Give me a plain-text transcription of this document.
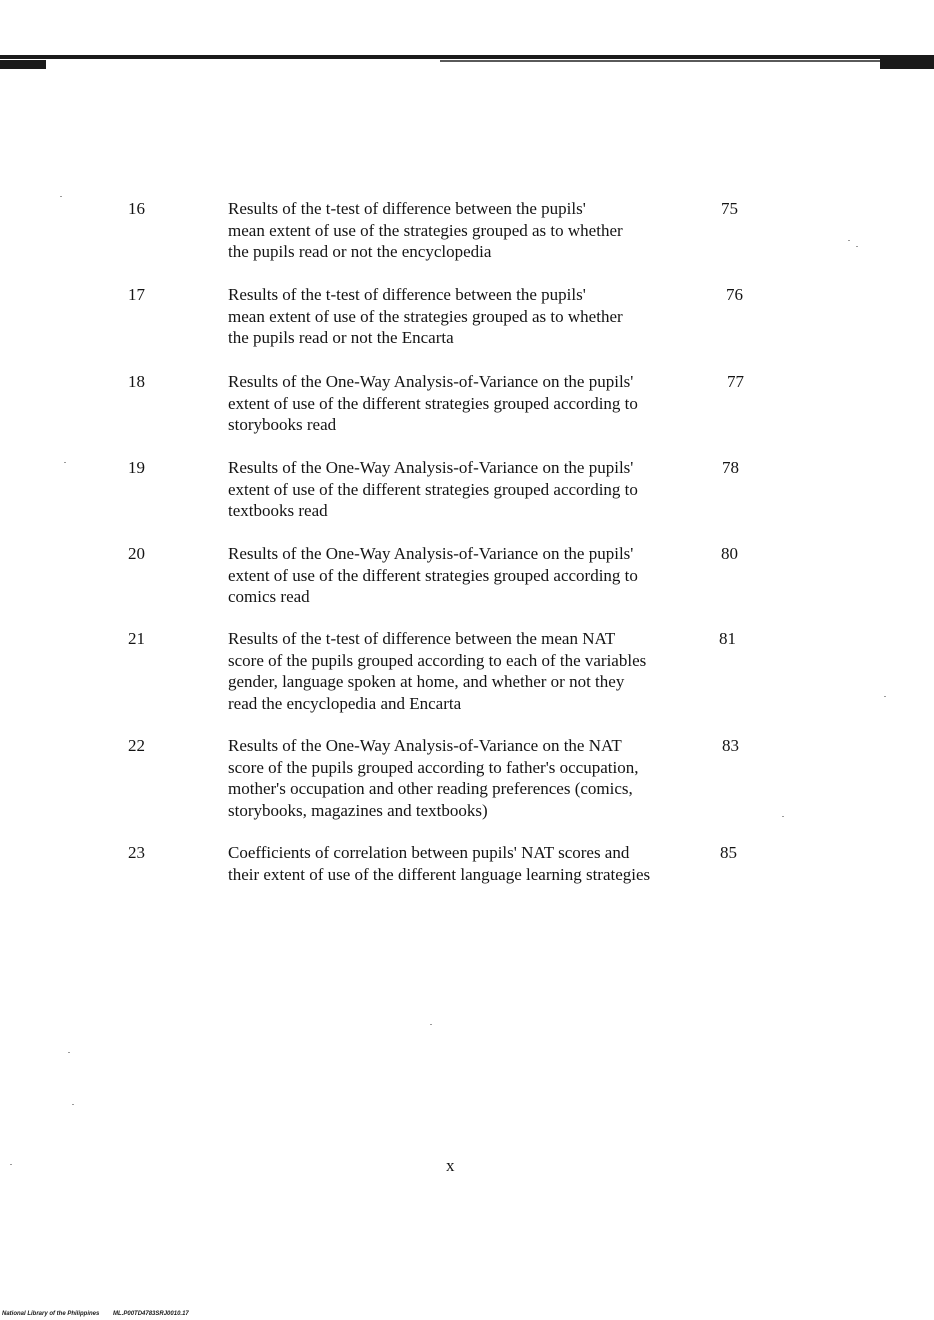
16	Results of the t-test of difference between the pupils'
mean extent of use of the strategies grouped as to whether
the pupils read or not the encyclopedia
75
17	Results of the t-test of difference between the pupils'
mean extent of use of the strategies grouped as to whether
the pupils read or not the Encarta
76
18	Results of the One-Way Analysis-of-Variance on the pupils'
extent of use of the different strategies grouped according to
storybooks read
77
19	Results of the One-Way Analysis-of-Variance on the pupils'
extent of use of the different strategies grouped according to
textbooks read
78
20	Results of the One-Way Analysis-of-Variance on the pupils'
extent of use of the different strategies grouped according to
comics read
80
21	Results of the t-test of difference between the mean NAT
score of the pupils grouped according to each of the variables
gender, language spoken at home, and whether or not they
read the encyclopedia and Encarta
81
22	Results of the One-Way Analysis-of-Variance on the NAT
score of the pupils grouped according to father's occupation,
mother's occupation and other reading preferences (comics,
storybooks, magazines and textbooks)
83
23	Coefficients of correlation between pupils' NAT scores and
their extent of use of the different language learning strategies
85
x
National Library of the Philippines ML.P00TD4783SRJ0010.17
